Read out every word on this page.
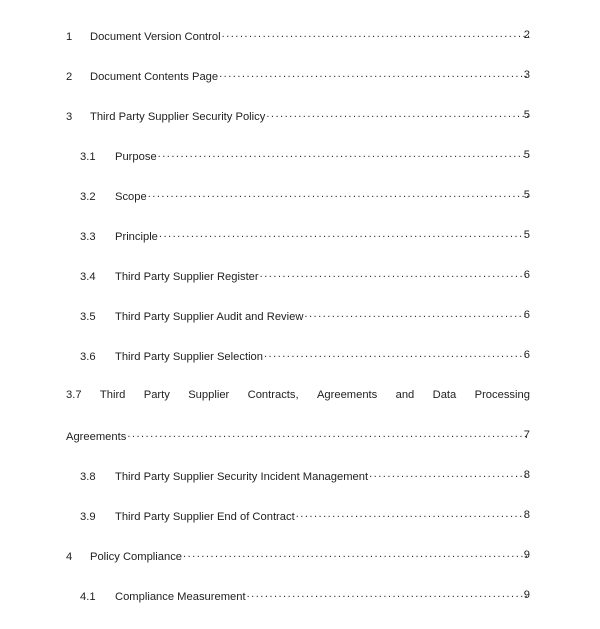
1	Document Version Control .....	2
2	Document Contents Page .....	3
3	Third Party Supplier Security Policy .....	5
3.1	Purpose .....	5
3.2	Scope .....	5
3.3	Principle .....	5
3.4	Third Party Supplier Register .....	6
3.5	Third Party Supplier Audit and Review .....	6
3.6	Third Party Supplier Selection .....	6
3.7 Third Party Supplier Contracts, Agreements and Data Processing
Agreements .....	7
3.8	Third Party Supplier Security Incident Management .....	8
3.9	Third Party Supplier End of Contract .....	8
4	Policy Compliance .....	9
4.1	Compliance Measurement .....	9
